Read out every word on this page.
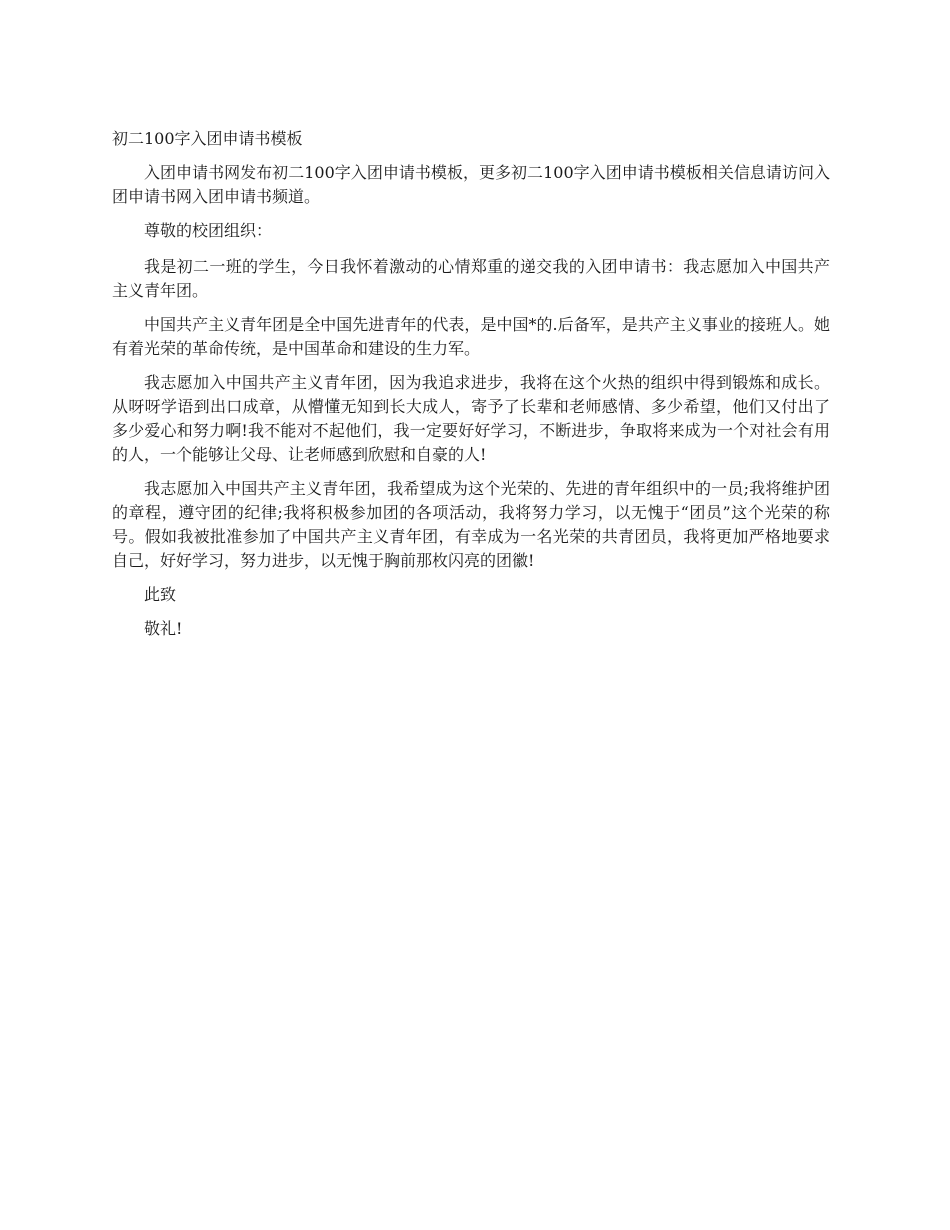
初二100字入团申请书模板

入团申请书网发布初二100字入团申请书模板，更多初二100字入团申请书模板相关信息请访问入团申请书网入团申请书频道。

尊敬的校团组织：

我是初二一班的学生，今日我怀着激动的心情郑重的递交我的入团申请书：我志愿加入中国共产主义青年团。

中国共产主义青年团是全中国先进青年的代表，是中国*的.后备军，是共产主义事业的接班人。她有着光荣的革命传统，是中国革命和建设的生力军。

我志愿加入中国共产主义青年团，因为我追求进步，我将在这个火热的组织中得到锻炼和成长。从呀呀学语到出口成章，从懵懂无知到长大成人，寄予了长辈和老师感情、多少希望，他们又付出了多少爱心和努力啊!我不能对不起他们，我一定要好好学习，不断进步，争取将来成为一个对社会有用的人，一个能够让父母、让老师感到欣慰和自豪的人!

我志愿加入中国共产主义青年团，我希望成为这个光荣的、先进的青年组织中的一员;我将维护团的章程，遵守团的纪律;我将积极参加团的各项活动，我将努力学习，以无愧于“团员”这个光荣的称号。假如我被批准参加了中国共产主义青年团，有幸成为一名光荣的共青团员，我将更加严格地要求自己，好好学习，努力进步，以无愧于胸前那枚闪亮的团徽!

此致

敬礼!
